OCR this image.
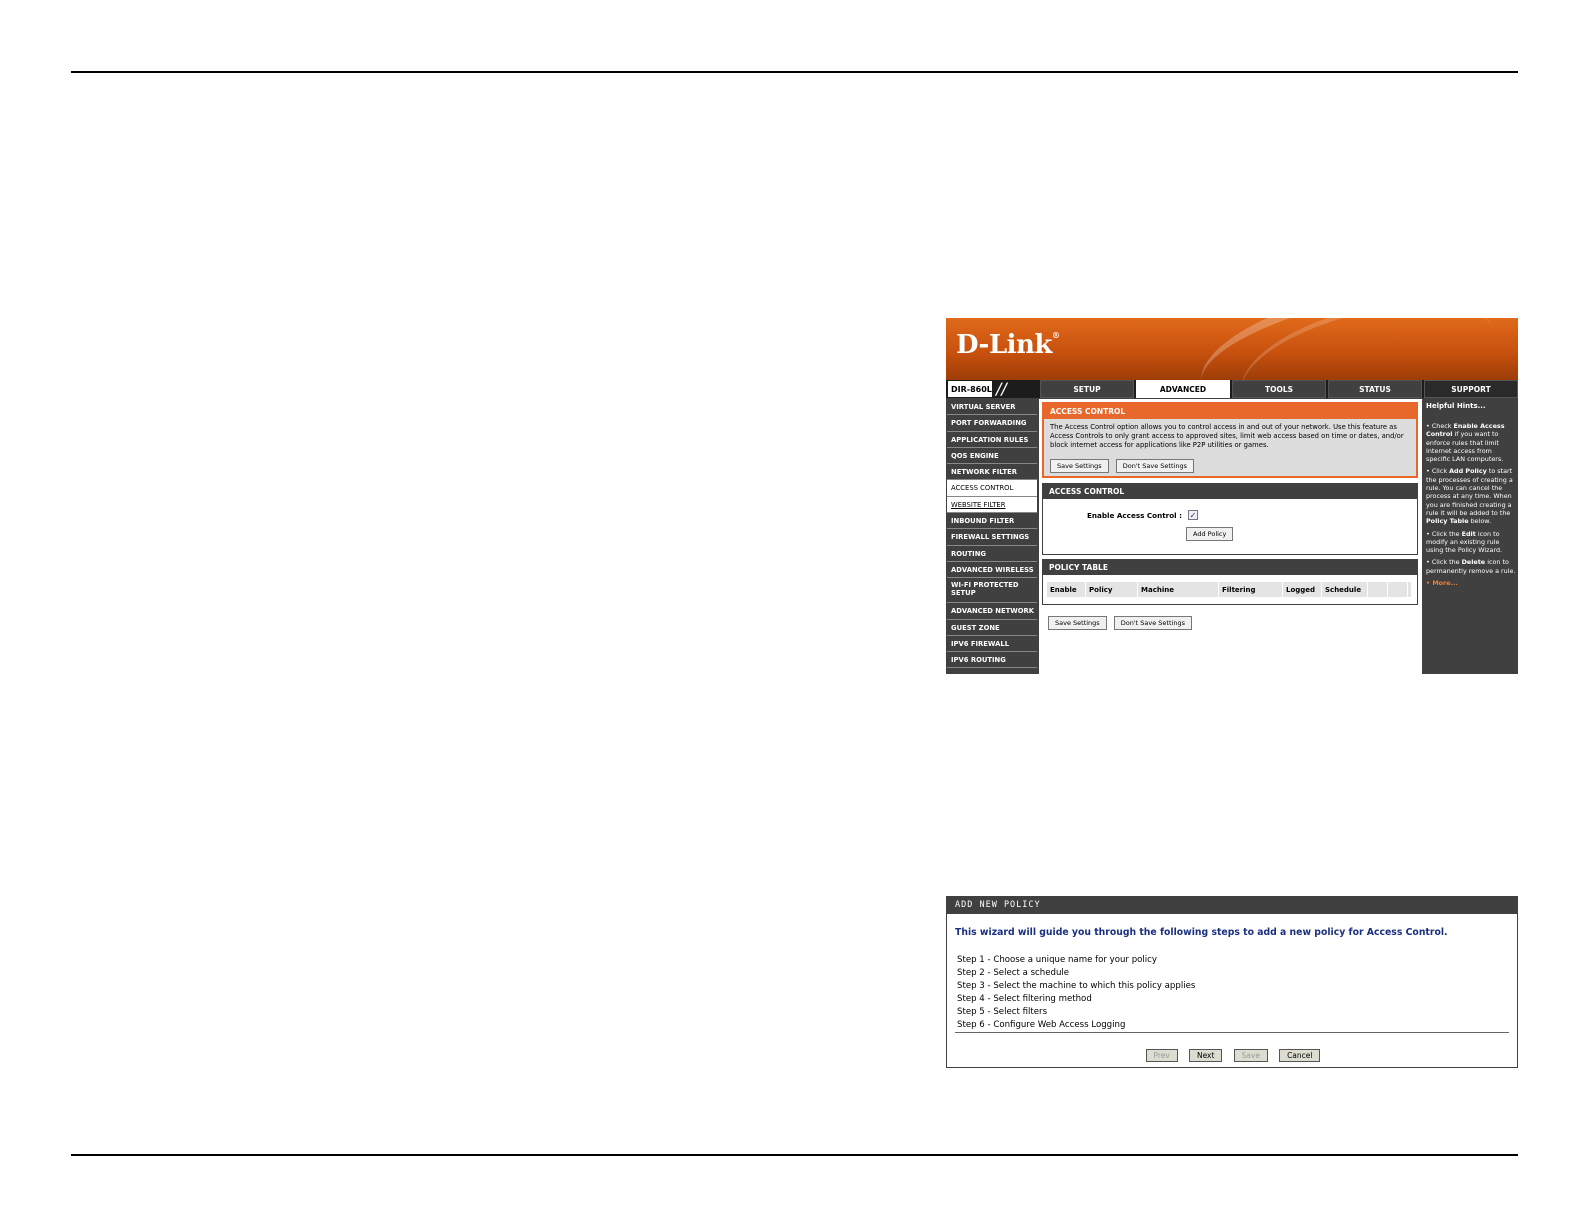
D-Link®
DIR-860L //	SETUP	ADVANCED	TOOLS	STATUS	SUPPORT
VIRTUAL SERVER
PORT FORWARDING
APPLICATION RULES
QOS ENGINE
NETWORK FILTER
ACCESS CONTROL
WEBSITE FILTER
INBOUND FILTER
FIREWALL SETTINGS
ROUTING
ADVANCED WIRELESS
WI-FI PROTECTED SETUP
ADVANCED NETWORK
GUEST ZONE
IPV6 FIREWALL
IPV6 ROUTING
ACCESS CONTROL
The Access Control option allows you to control access in and out of your network. Use this feature as Access Controls to only grant access to approved sites, limit web access based on time or dates, and/or block internet access for applications like P2P utilities or games.
Save Settings	Don't Save Settings
ACCESS CONTROL
Enable Access Control : ✓
Add Policy
POLICY TABLE
Enable	Policy	Machine	Filtering	Logged	Schedule
Save Settings	Don't Save Settings
Helpful Hints...
• Check Enable Access Control if you want to enforce rules that limit Internet access from specific LAN computers.
• Click Add Policy to start the processes of creating a rule. You can cancel the process at any time. When you are finished creating a rule it will be added to the Policy Table below.
• Click the Edit icon to modify an existing rule using the Policy Wizard.
• Click the Delete icon to permanently remove a rule.
• More...
ADD NEW POLICY
This wizard will guide you through the following steps to add a new policy for Access Control.
Step 1 - Choose a unique name for your policy
Step 2 - Select a schedule
Step 3 - Select the machine to which this policy applies
Step 4 - Select filtering method
Step 5 - Select filters
Step 6 - Configure Web Access Logging
Prev	Next	Save	Cancel
